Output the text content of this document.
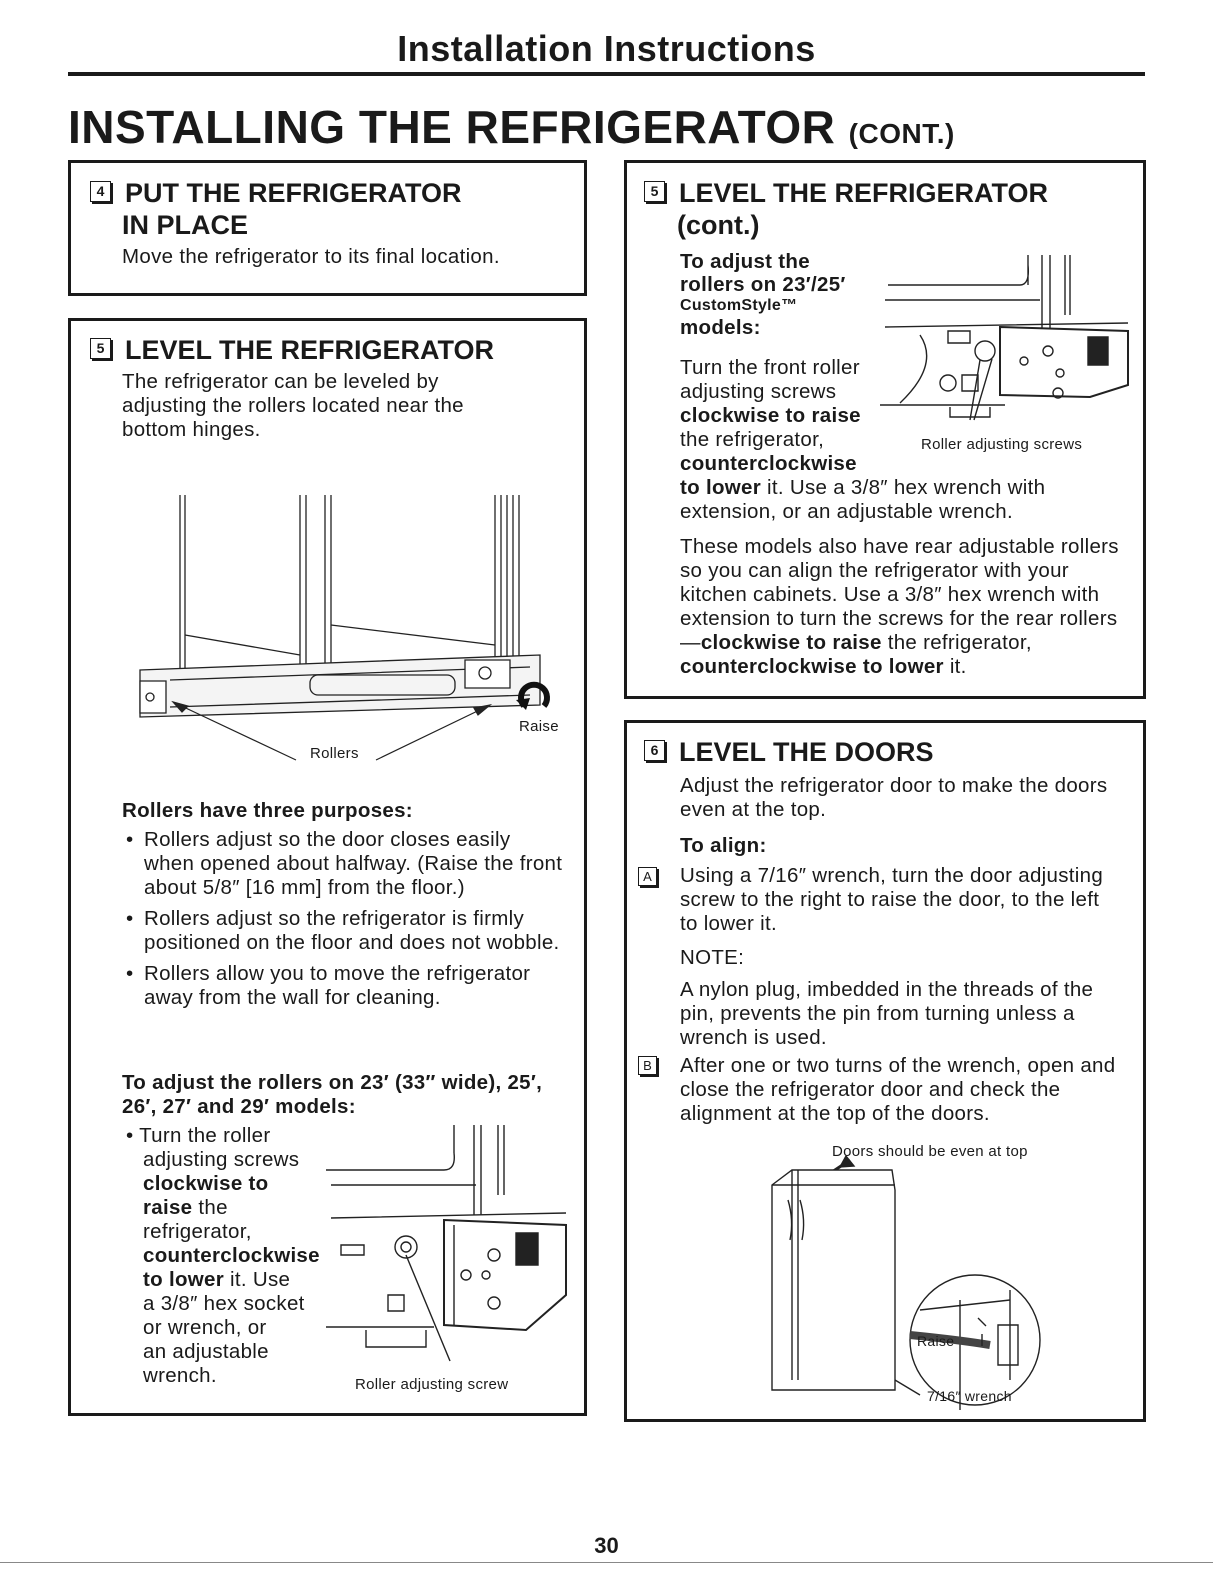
Installation Instructions
INSTALLING THE REFRIGERATOR (CONT.)
4 PUT THE REFRIGERATOR
IN PLACE
Move the refrigerator to its final location.
5 LEVEL THE REFRIGERATOR
The refrigerator can be leveled by adjusting the rollers located near the bottom hinges.
Raise
Rollers
Rollers have three purposes:
• Rollers adjust so the door closes easily when opened about halfway. (Raise the front about 5/8″ [16 mm] from the floor.)
• Rollers adjust so the refrigerator is firmly positioned on the floor and does not wobble.
• Rollers allow you to move the refrigerator away from the wall for cleaning.
To adjust the rollers on 23′ (33″ wide), 25′, 26′, 27′ and 29′ models:

• Turn the roller

adjusting screws

clockwise to

raise the

refrigerator,

counterclockwise

to lower it. Use

a 3/8″ hex socket

or wrench, or

an adjustable

wrench.	Roller adjusting screw
5 LEVEL THE REFRIGERATOR
(cont.)

To adjust the

rollers on 23′/25′

CustomStyle™

models:

Turn the front roller

adjusting screws

clockwise to raise

the refrigerator,

counterclockwise

to lower it. Use a 3/8″ hex wrench with

extension, or an adjustable wrench.

Roller adjusting screws
These models also have rear adjustable rollers so you can align the refrigerator with your kitchen cabinets. Use a 3/8″ hex wrench with extension to turn the screws for the rear rollers—clockwise to raise the refrigerator, counterclockwise to lower it.
6 LEVEL THE DOORS
Adjust the refrigerator door to make the doors even at the top.
To align:
A Using a 7/16″ wrench, turn the door adjusting screw to the right to raise the door, to the left to lower it.
NOTE:
A nylon plug, imbedded in the threads of the pin, prevents the pin from turning unless a wrench is used.
B After one or two turns of the wrench, open and close the refrigerator door and check the alignment at the top of the doors.
Doors should be even at top
Raise
7/16″ wrench
30
